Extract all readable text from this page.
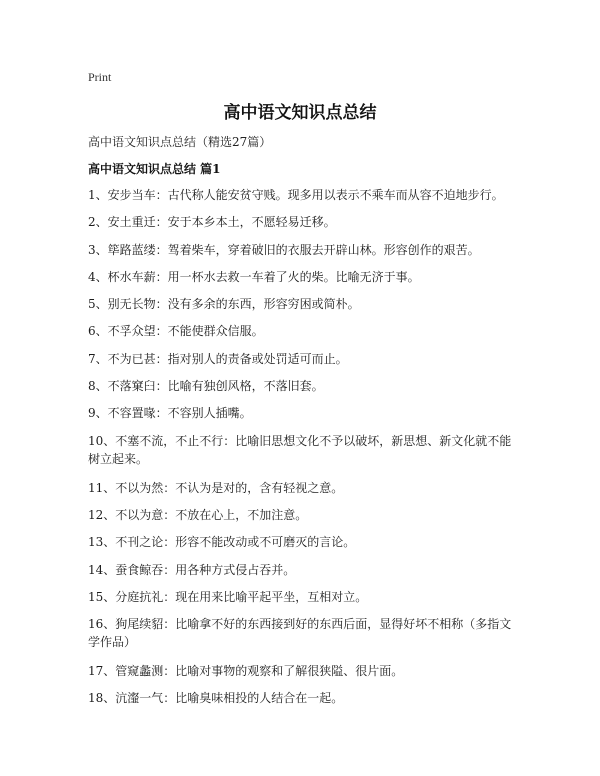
Print
高中语文知识点总结
高中语文知识点总结（精选27篇）
高中语文知识点总结 篇1
1、安步当车：古代称人能安贫守贱。现多用以表示不乘车而从容不迫地步行。
2、安土重迁：安于本乡本土，不愿轻易迁移。
3、筚路蓝缕：驾着柴车，穿着破旧的衣服去开辟山林。形容创作的艰苦。
4、杯水车薪：用一杯水去救一车着了火的柴。比喻无济于事。
5、别无长物：没有多余的东西，形容穷困或简朴。
6、不孚众望：不能使群众信服。
7、不为已甚：指对别人的责备或处罚适可而止。
8、不落窠臼：比喻有独创风格，不落旧套。
9、不容置喙：不容别人插嘴。
10、不塞不流，不止不行：比喻旧思想文化不予以破坏，新思想、新文化就不能树立起来。
11、不以为然：不认为是对的，含有轻视之意。
12、不以为意：不放在心上，不加注意。
13、不刊之论：形容不能改动或不可磨灭的言论。
14、蚕食鲸吞：用各种方式侵占吞并。
15、分庭抗礼：现在用来比喻平起平坐，互相对立。
16、狗尾续貂：比喻拿不好的东西接到好的东西后面，显得好坏不相称（多指文学作品）
17、管窥蠡测：比喻对事物的观察和了解很狭隘、很片面。
18、沆瀣一气：比喻臭味相投的人结合在一起。
